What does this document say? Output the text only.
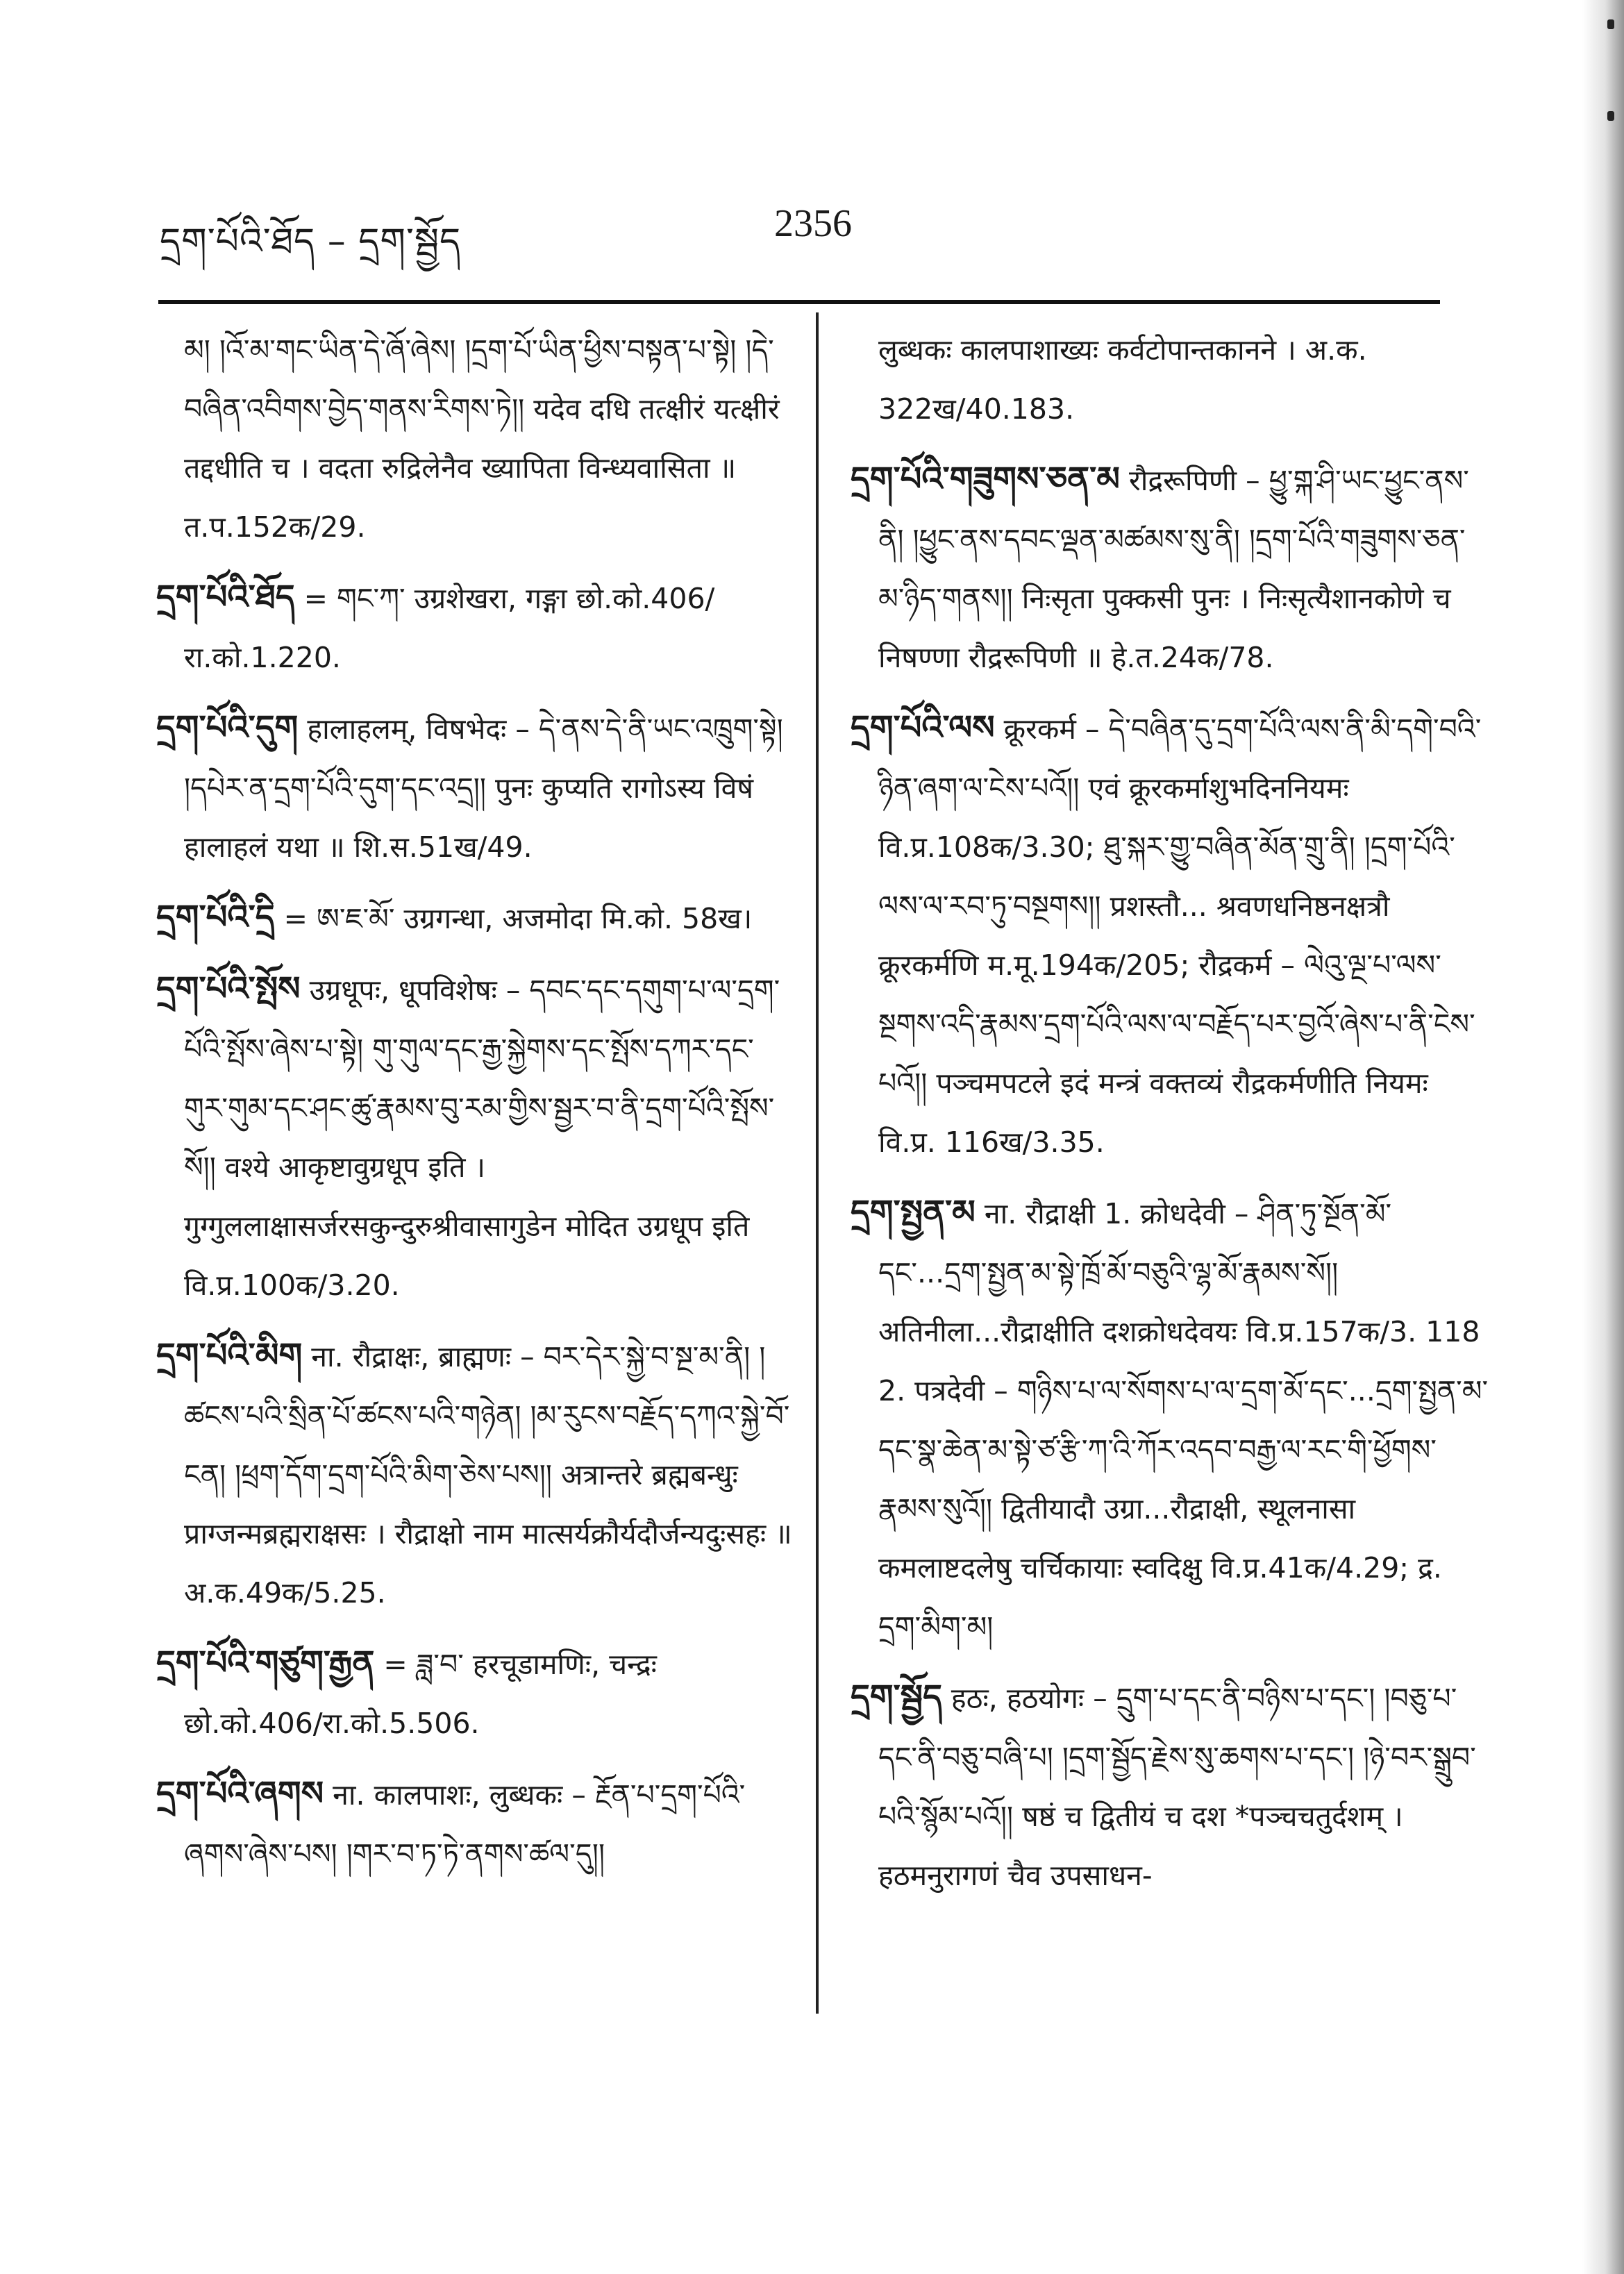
དྲག་པོའི་ཐོད – དྲག་སྦྱོད	2356

མ། །འོ་མ་གང་ཡིན་དེ་ཞོ་ཞེས། །དྲག་པོ་ཡིན་ཕྱིས་བསྟན་པ་སྟེ། །དེ་བཞིན་འབིགས་བྱེད་གནས་རིགས་ཏེ།། यदेव दधि तत्क्षीरं यत्क्षीरं तद्दधीति च । वदता रुद्रिलेनैव ख्यापिता विन्ध्यवासिता ॥ त.प.152क/29.

དྲག་པོའི་ཐོད = གང་ཀ་ उग्रशेखरा, गङ्गा छो.को.406/रा.को.1.220.

དྲག་པོའི་དུག हालाहलम्, विषभेदः – དེ་ནས་དེ་ནི་ཡང་འཁྲུག་སྟེ། །དཔེར་ན་དྲག་པོའི་དུག་དང་འདྲ།། पुनः कुप्यति रागोऽस्य विषं हालाहलं यथा ॥ शि.स.51ख/49.

དྲག་པོའི་དྲི = ཨ་ཇ་མོ་ उग्रगन्धा, अजमोदा मि.को. 58ख।

དྲག་པོའི་སྤོས उग्रधूपः, धूपविशेषः – དབང་དང་དགུག་པ་ལ་དྲག་པོའི་སྤོས་ཞེས་པ་སྟེ། གུ་གུལ་དང་རྒྱ་སྐྱེགས་དང་སྤོས་དཀར་དང་གུར་གུམ་དང་ཤང་ཚུ་རྣམས་བུ་རམ་གྱིས་སྦྱར་བ་ནི་དྲག་པོའི་སྤོས་སོ།། वश्ये आकृष्टावुग्रधूप इति । गुग्गुललाक्षासर्जरसकुन्दुरुश्रीवासागुडेन मोदित उग्रधूप इति वि.प्र.100क/3.20.

དྲག་པོའི་མིག ना. रौद्राक्षः, ब्राह्मणः – བར་དེར་སྐྱེ་བ་སྔ་མ་ནི། །ཚངས་པའི་སྲིན་པོ་ཚངས་པའི་གཉེན། །མ་རུངས་བརྗོད་དཀའ་སྐྱེ་བོ་ངན། །ཕྲག་དོག་དྲག་པོའི་མིག་ཅེས་པས།། अत्रान्तरे ब्रह्मबन्धुः प्राग्जन्मब्रह्मराक्षसः । रौद्राक्षो नाम मात्सर्यक्रौर्यदौर्जन्यदुःसहः ॥ अ.क.49क/5.25.

དྲག་པོའི་གཙུག་རྒྱན = ཟླ་བ་ हरचूडामणिः, चन्द्रः छो.को.406/रा.को.5.506.

དྲག་པོའི་ཞགས ना. कालपाशः, लुब्धकः – རྔོན་པ་དྲག་པོའི་ཞགས་ཞེས་པས། །གར་བ་ཏ་ཏེ་ནགས་ཚལ་དུ།།

लुब्धकः कालपाशाख्यः कर्वटोपान्तकानने । अ.क. 322ख/40.183.

དྲག་པོའི་གཟུགས་ཅན་མ रौद्ररूपिणी – ཕྱུ་གྐ་ཤི་ཡང་ཕྱུང་ནས་ནི། །ཕྱུང་ནས་དབང་ལྡན་མཚམས་སུ་ནི། །དྲག་པོའི་གཟུགས་ཅན་མ་ཉིད་གནས།། निःसृता पुक्कसी पुनः । निःसृत्यैशानकोणे च निषण्णा रौद्ररूपिणी ॥ हे.त.24क/78.

དྲག་པོའི་ལས क्रूरकर्म – དེ་བཞིན་དུ་དྲག་པོའི་ལས་ནི་མི་དགེ་བའི་ཉིན་ཞག་ལ་ངེས་པའོ།། एवं क्रूरकर्माशुभदिननियमः वि.प्र.108क/3.30; ཐུ་སྐར་གྱུ་བཞིན་མོན་གྲུ་ནི། །དྲག་པོའི་ལས་ལ་རབ་ཏུ་བསྔགས།། प्रशस्तौ... श्रवणधनिष्ठनक्षत्रौ क्रूरकर्मणि म.मू.194क/205; रौद्रकर्म – ལེའུ་ལྔ་པ་ལས་སྔགས་འདི་རྣམས་དྲག་པོའི་ལས་ལ་བརྗོད་པར་བྱའོ་ཞེས་པ་ནི་ངེས་པའོ།། पञ्चमपटले इदं मन्त्रं वक्तव्यं रौद्रकर्मणीति नियमः वि.प्र. 116ख/3.35.

དྲག་སྤྱན་མ ना. रौद्राक्षी 1. क्रोधदेवी – ཤིན་ཏུ་སྔོན་མོ་དང་...དྲག་སྤྱན་མ་སྟེ་ཁྲོ་མོ་བཅུའི་ལྷ་མོ་རྣམས་སོ།། अतिनीला...रौद्राक्षीति दशक्रोधदेवयः वि.प्र.157क/3. 118 2. पत्रदेवी – གཉིས་པ་ལ་སོགས་པ་ལ་དྲག་མོ་དང་...དྲག་སྤྱན་མ་དང་སྣ་ཆེན་མ་སྟེ་ཙ་རྩི་ཀ་འི་ཀོར་འདབ་བརྒྱ་ལ་རང་གི་ཕྱོགས་རྣམས་སུའོ།། द्वितीयादौ उग्रा...रौद्राक्षी, स्थूलनासा कमलाष्टदलेषु चर्चिकायाः स्वदिक्षु वि.प्र.41क/4.29; द्र. དྲག་མིག་མ།

དྲག་སྦྱོད हठः, हठयोगः – དྲུག་པ་དང་ནི་བཉིས་པ་དང་། །བཅུ་པ་དང་ནི་བཅུ་བཞི་པ། །དྲག་སྦྱོད་རྗེས་སུ་ཆགས་པ་དང་། །ཉེ་བར་སྒྲུབ་པའི་སྙོམ་པའོ།། षष्ठं च द्वितीयं च दश *पञ्चचतुर्दशम् । हठमनुरागणं चैव उपसाधन-
